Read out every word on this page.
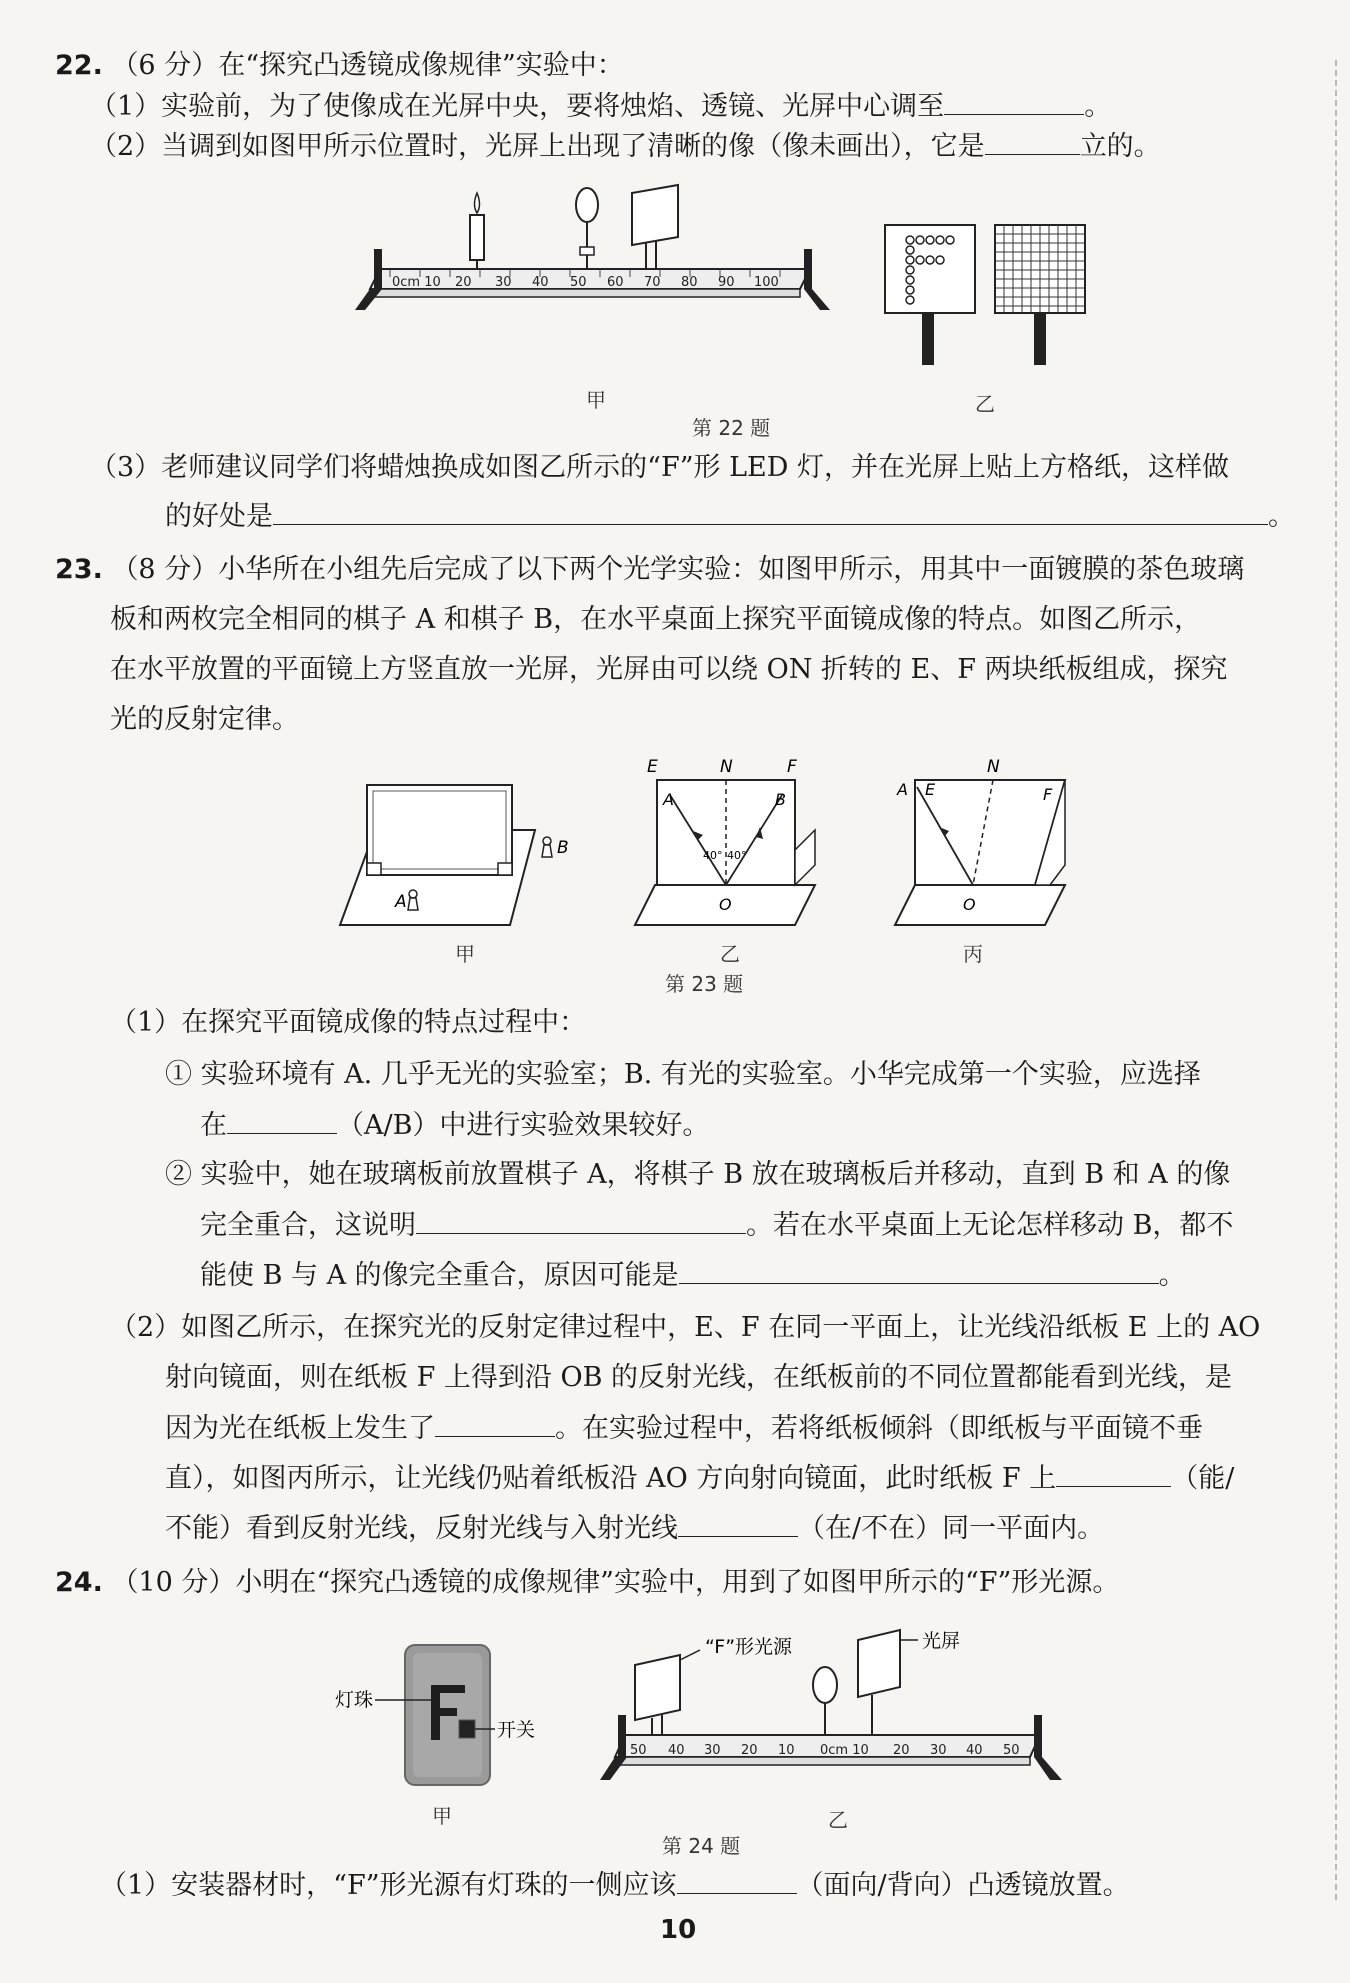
22. （6 分）在“探究凸透镜成像规律”实验中：
（1）实验前，为了使像成在光屏中央，要将烛焰、透镜、光屏中心调至	。
（2）当调到如图甲所示位置时，光屏上出现了清晰的像（像未画出），它是	立的。
0cm 10 20 30 40 50 60 70 80 90 100
甲	乙
第 22 题
（3）老师建议同学们将蜡烛换成如图乙所示的“F”形 LED 灯，并在光屏上贴上方格纸，这样做
的好处是	。
23. （8 分）小华所在小组先后完成了以下两个光学实验：如图甲所示，用其中一面镀膜的茶色玻璃
板和两枚完全相同的棋子 A 和棋子 B，在水平桌面上探究平面镜成像的特点。如图乙所示，
在水平放置的平面镜上方竖直放一光屏，光屏由可以绕 ON 折转的 E、F 两块纸板组成，探究
光的反射定律。
A
B
E	N	F
A	B
40° 40°
O
A E
N
F
O
甲	乙	丙
第 23 题
（1）在探究平面镜成像的特点过程中：
① 实验环境有 A. 几乎无光的实验室；B. 有光的实验室。小华完成第一个实验，应选择
在	（A/B）中进行实验效果较好。
② 实验中，她在玻璃板前放置棋子 A，将棋子 B 放在玻璃板后并移动，直到 B 和 A 的像
完全重合，这说明	。若在水平桌面上无论怎样移动 B，都不
能使 B 与 A 的像完全重合，原因可能是	。
（2）如图乙所示，在探究光的反射定律过程中，E、F 在同一平面上，让光线沿纸板 E 上的 AO
射向镜面，则在纸板 F 上得到沿 OB 的反射光线，在纸板前的不同位置都能看到光线，是
因为光在纸板上发生了	。在实验过程中，若将纸板倾斜（即纸板与平面镜不垂
直），如图丙所示，让光线仍贴着纸板沿 AO 方向射向镜面，此时纸板 F 上	（能/
不能）看到反射光线，反射光线与入射光线	（在/不在）同一平面内。
24. （10 分）小明在“探究凸透镜的成像规律”实验中，用到了如图甲所示的“F”形光源。
灯珠
开关
“F”形光源	光屏
50 40 30 20 10 0cm 10 20 30 40 50
甲	乙
第 24 题
（1）安装器材时，“F”形光源有灯珠的一侧应该	（面向/背向）凸透镜放置。
10
